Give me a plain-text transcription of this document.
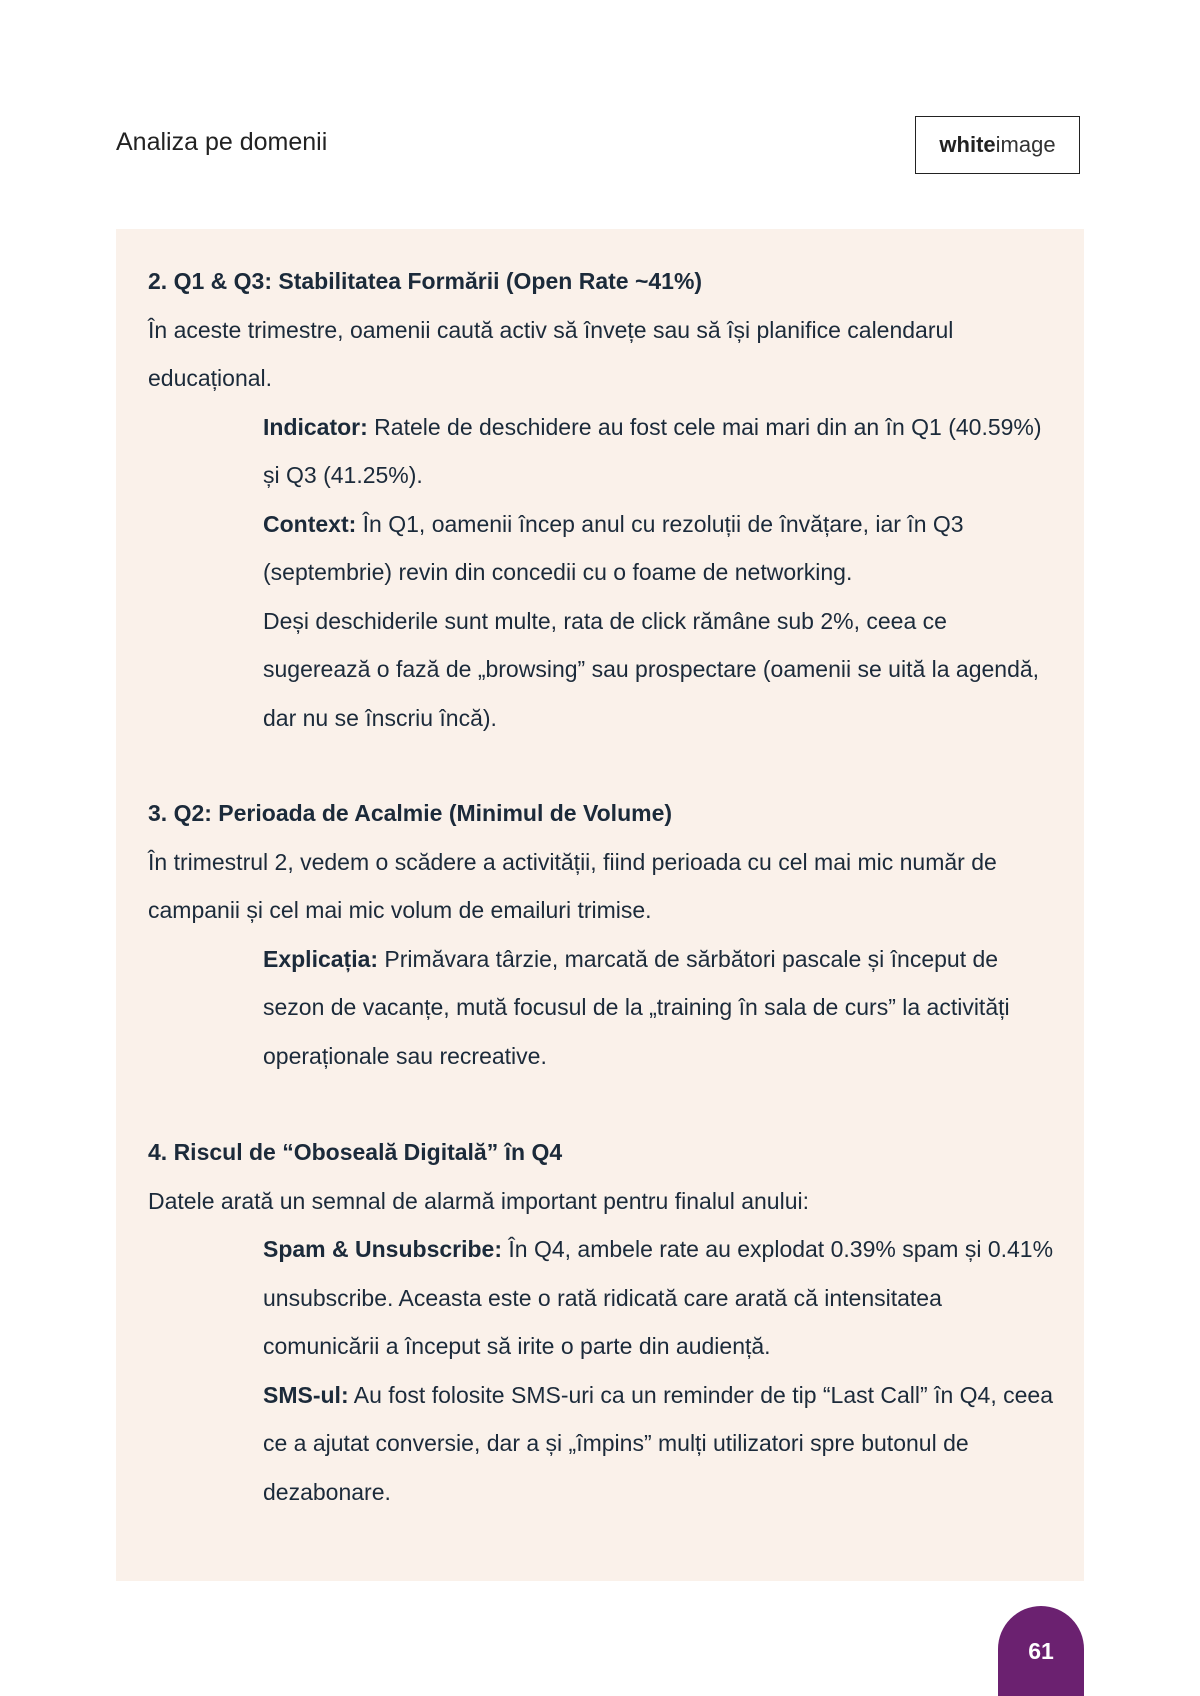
Analiza pe domenii	white image
2. Q1 & Q3: Stabilitatea Formării (Open Rate ~41%)
În aceste trimestre, oamenii caută activ să învețe sau să își planifice calendarul educațional.
Indicator: Ratele de deschidere au fost cele mai mari din an în Q1 (40.59%) și Q3 (41.25%).
Context: În Q1, oamenii încep anul cu rezoluții de învățare, iar în Q3 (septembrie) revin din concedii cu o foame de networking.
Deși deschiderile sunt multe, rata de click rămâne sub 2%, ceea ce sugerează o fază de „browsing” sau prospectare (oamenii se uită la agendă, dar nu se înscriu încă).
3. Q2: Perioada de Acalmie (Minimul de Volume)
În trimestrul 2, vedem o scădere a activității, fiind perioada cu cel mai mic număr de campanii și cel mai mic volum de emailuri trimise.
Explicația: Primăvara târzie, marcată de sărbători pascale și început de sezon de vacanțe, mută focusul de la „training în sala de curs” la activități operaționale sau recreative.
4. Riscul de “Oboseală Digitală” în Q4
Datele arată un semnal de alarmă important pentru finalul anului:
Spam & Unsubscribe: În Q4, ambele rate au explodat 0.39% spam și 0.41% unsubscribe. Aceasta este o rată ridicată care arată că intensitatea comunicării a început să irite o parte din audiență.
SMS-ul: Au fost folosite SMS-uri ca un reminder de tip “Last Call” în Q4, ceea ce a ajutat conversie, dar a și „împins” mulți utilizatori spre butonul de dezabonare.
61
